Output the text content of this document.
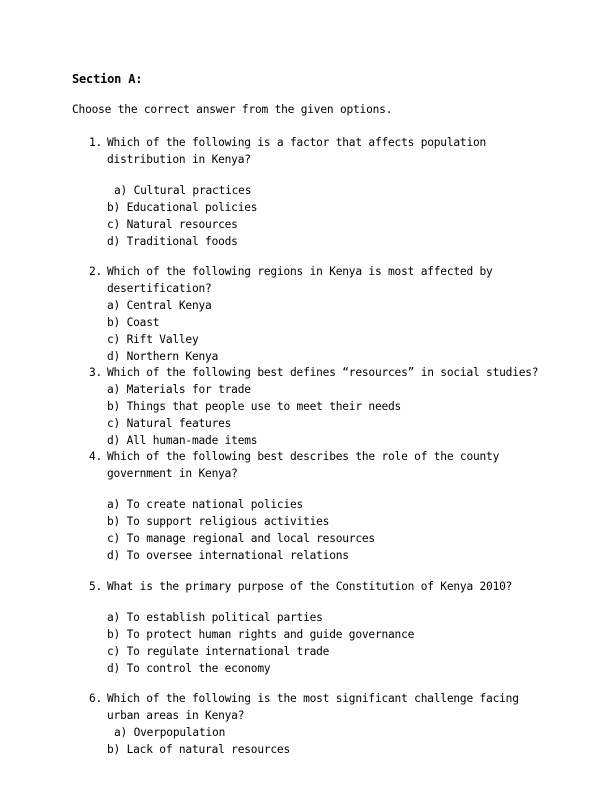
Section A:
Choose the correct answer from the given options.
1. Which of the following is a factor that affects population
distribution in Kenya?
a) Cultural practices
b) Educational policies
c) Natural resources
d) Traditional foods
2. Which of the following regions in Kenya is most affected by
desertification?
a) Central Kenya
b) Coast
c) Rift Valley
d) Northern Kenya
3. Which of the following best defines “resources” in social studies?
a) Materials for trade
b) Things that people use to meet their needs
c) Natural features
d) All human-made items
4. Which of the following best describes the role of the county
government in Kenya?
a) To create national policies
b) To support religious activities
c) To manage regional and local resources
d) To oversee international relations
5. What is the primary purpose of the Constitution of Kenya 2010?
a) To establish political parties
b) To protect human rights and guide governance
c) To regulate international trade
d) To control the economy
6. Which of the following is the most significant challenge facing
urban areas in Kenya?
a) Overpopulation
b) Lack of natural resources
